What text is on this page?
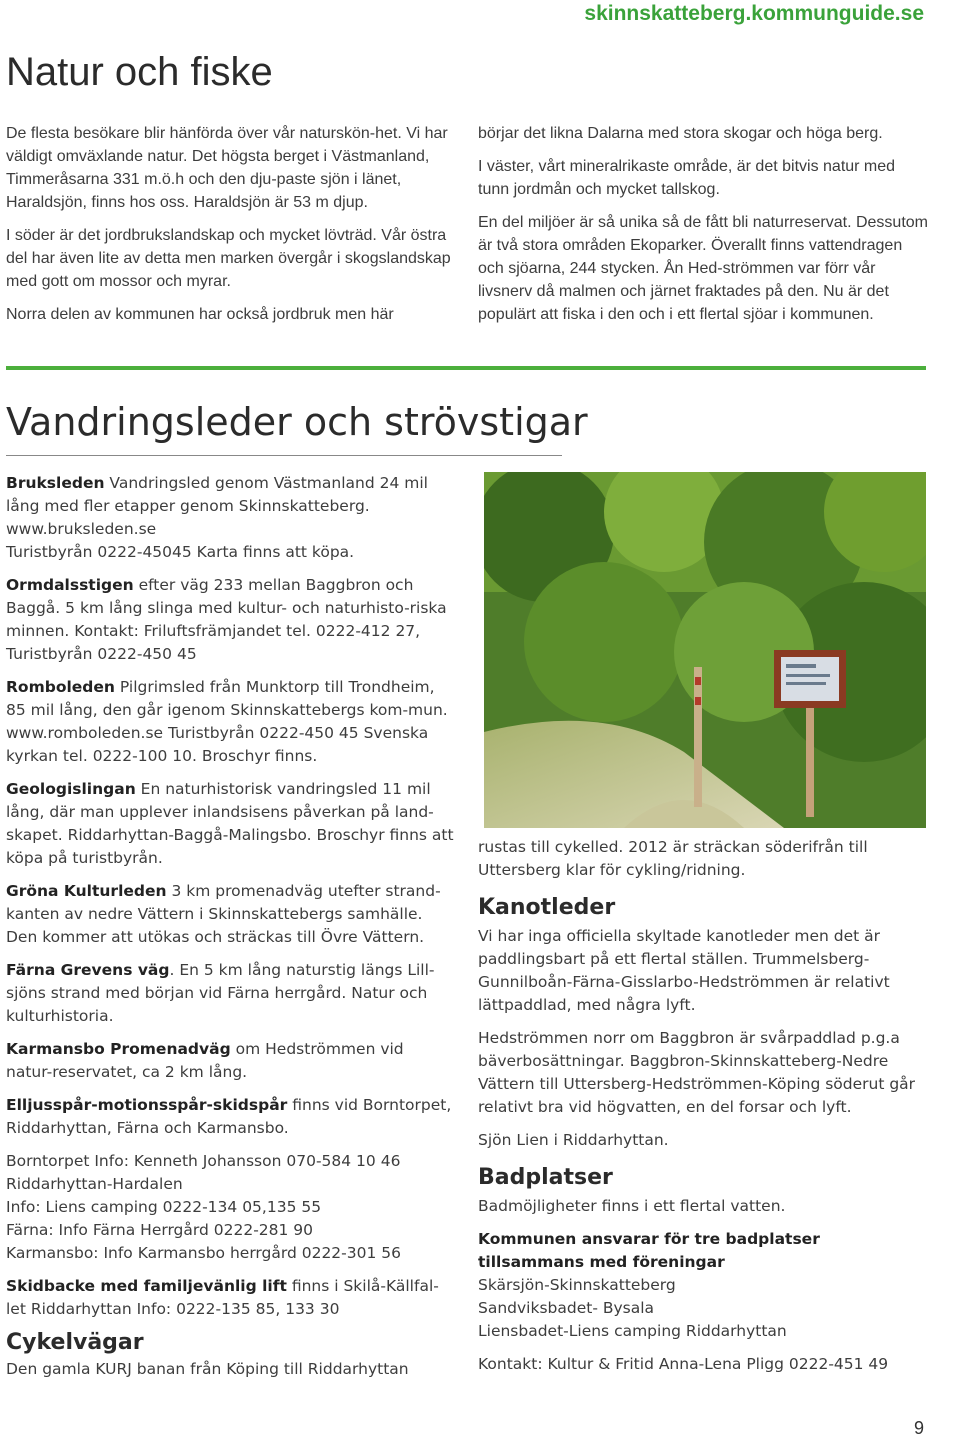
skinnskatteberg.kommunguide.se
Natur och fiske

De flesta besökare blir hänförda över vår naturskön-het. Vi har väldigt omväxlande natur. Det högsta berget i Västmanland, Timmeråsarna 331 m.ö.h och den dju-paste sjön i länet, Haraldsjön, finns hos oss. Haraldsjön är 53 m djup.

I söder är det jordbrukslandskap och mycket lövträd. Vår östra del har även lite av detta men marken övergår i skogslandskap med gott om mossor och myrar.

Norra delen av kommunen har också jordbruk men här

börjar det likna Dalarna med stora skogar och höga berg.

I väster, vårt mineralrikaste område, är det bitvis natur med tunn jordmån och mycket tallskog.

En del miljöer är så unika så de fått bli naturreservat. Dessutom är två stora områden Ekoparker. Överallt finns vattendragen och sjöarna, 244 stycken. Ån Hed-strömmen var förr vår livsnerv då malmen och järnet fraktades på den. Nu är det populärt att fiska i den och i ett flertal sjöar i kommunen.

Vandringsleder och strövstigar

Bruksleden Vandringsled genom Västmanland 24 mil lång med fler etapper genom Skinnskatteberg. www.bruksleden.se
Turistbyrån 0222-45045 Karta finns att köpa.

Ormdalsstigen efter väg 233 mellan Baggbron och Baggå. 5 km lång slinga med kultur- och naturhisto-riska minnen. Kontakt: Friluftsfrämjandet tel. 0222-412 27, Turistbyrån 0222-450 45

Romboleden Pilgrimsled från Munktorp till Trondheim, 85 mil lång, den går igenom Skinnskattebergs kom-mun. www.romboleden.se Turistbyrån 0222-450 45 Svenska kyrkan tel. 0222-100 10. Broschyr finns.

Geologislingan En naturhistorisk vandringsled 11 mil lång, där man upplever inlandsisens påverkan på land-skapet. Riddarhyttan-Baggå-Malingsbo. Broschyr finns att köpa på turistbyrån.

Gröna Kulturleden 3 km promenadväg utefter strand-kanten av nedre Vättern i Skinnskattebergs samhälle. Den kommer att utökas och sträckas till Övre Vättern.

Färna Grevens väg. En 5 km lång naturstig längs Lill-sjöns strand med början vid Färna herrgård. Natur och kulturhistoria.

Karmansbo Promenadväg om Hedströmmen vid natur-reservatet, ca 2 km lång.

Elljusspår-motionsspår-skidspår finns vid Borntorpet, Riddarhyttan, Färna och Karmansbo.

Borntorpet Info: Kenneth Johansson 070-584 10 46
Riddarhyttan-Hardalen
Info: Liens camping 0222-134 05,135 55
Färna: Info Färna Herrgård 0222-281 90
Karmansbo: Info Karmansbo herrgård 0222-301 56

Skidbacke med familjevänlig lift finns i Skilå-Källfal-let Riddarhyttan Info: 0222-135 85, 133 30

Cykelvägar

Den gamla KURJ banan från Köping till Riddarhyttan

rustas till cykelled. 2012 är sträckan söderifrån till Uttersberg klar för cykling/ridning.

Kanotleder

Vi har inga officiella skyltade kanotleder men det är paddlingsbart på ett flertal ställen. Trummelsberg-Gunnilboån-Färna-Gisslarbo-Hedströmmen är relativt lättpaddlad, med några lyft.

Hedströmmen norr om Baggbron är svårpaddlad p.g.a bäverbosättningar. Baggbron-Skinnskatteberg-Nedre Vättern till Uttersberg-Hedströmmen-Köping söderut går relativt bra vid högvatten, en del forsar och lyft.

Sjön Lien i Riddarhyttan.

Badplatser

Badmöjligheter finns i ett flertal vatten.

Kommunen ansvarar för tre badplatser tillsammans med föreningar
Skärsjön-Skinnskatteberg
Sandviksbadet- Bysala
Liensbadet-Liens camping Riddarhyttan

Kontakt: Kultur & Fritid Anna-Lena Pligg 0222-451 49

9
